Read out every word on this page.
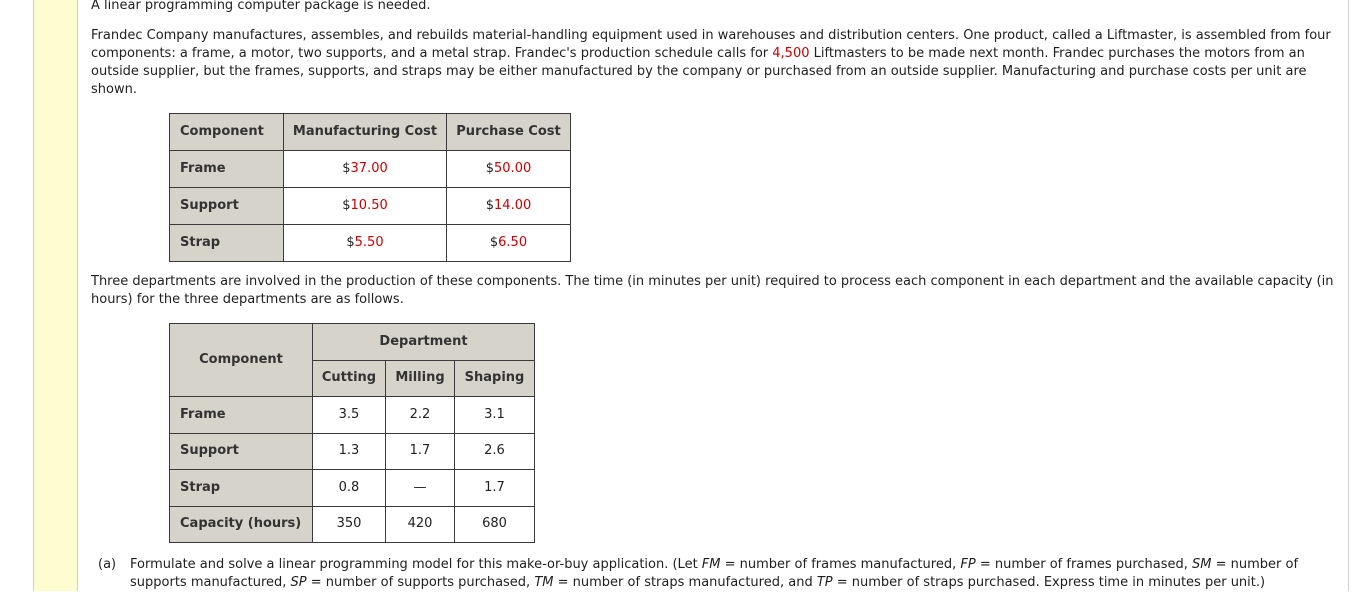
A linear programming computer package is needed.

Frandec Company manufactures, assembles, and rebuilds material-handling equipment used in warehouses and distribution centers. One product, called a Liftmaster, is assembled from four components: a frame, a motor, two supports, and a metal strap. Frandec's production schedule calls for 4,500 Liftmasters to be made next month. Frandec purchases the motors from an outside supplier, but the frames, supports, and straps may be either manufactured by the company or purchased from an outside supplier. Manufacturing and purchase costs per unit are shown.

Component	Manufacturing Cost	Purchase Cost
Frame	$37.00	$50.00
Support	$10.50	$14.00
Strap	$5.50	$6.50

Three departments are involved in the production of these components. The time (in minutes per unit) required to process each component in each department and the available capacity (in hours) for the three departments are as follows.

Component	Department		
	Cutting	Milling	Shaping
Frame	3.5	2.2	3.1
Support	1.3	1.7	2.6
Strap	0.8	—	1.7
Capacity (hours)	350	420	680
(a) Formulate and solve a linear programming model for this make-or-buy application. (Let FM = number of frames manufactured, FP = number of frames purchased, SM = number of supports manufactured, SP = number of supports purchased, TM = number of straps manufactured, and TP = number of straps purchased. Express time in minutes per unit.)
